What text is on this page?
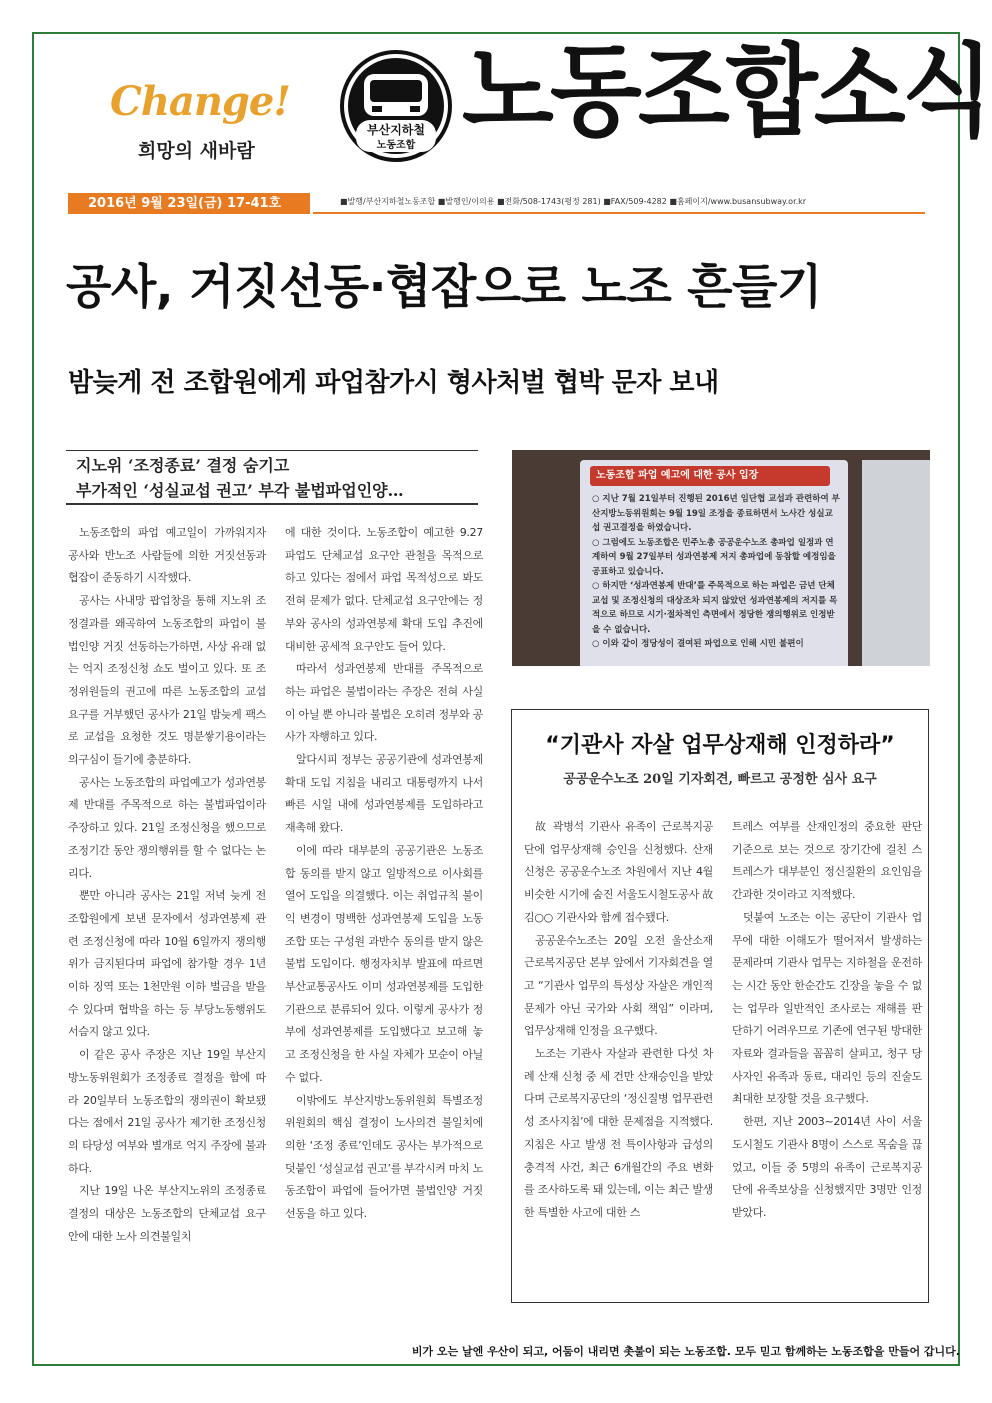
Change!
희망의 새바람
부산지하철
노동조합 노동조합소식
2016년 9월 23일(금) 17-41호	■발행/부산지하철노동조합 ■발행인/이의용 ■전화/508-1743(평정 281) ■FAX/509-4282 ■홈페이지/www.busansubway.or.kr
공사, 거짓선동·협잡으로 노조 흔들기
밤늦게 전 조합원에게 파업참가시 형사처벌 협박 문자 보내
지노위 ‘조정종료’ 결정 숨기고
부가적인 ‘성실교섭 권고’ 부각 불법파업인양…

노동조합의 파업 예고일이 가까워지자 공사와 반노조 사람들에 의한 거짓선동과 협잡이 준동하기 시작했다.

공사는 사내망 팝업창을 통해 지노위 조정결과를 왜곡하여 노동조합의 파업이 불법인양 거짓 선동하는가하면, 사상 유래 없는 억지 조정신청 쇼도 벌이고 있다. 또 조정위원들의 권고에 따른 노동조합의 교섭 요구를 거부했던 공사가 21일 밤늦게 팩스로 교섭을 요청한 것도 명분쌓기용이라는 의구심이 들기에 충분하다.

공사는 노동조합의 파업예고가 성과연봉제 반대를 주목적으로 하는 불법파업이라 주장하고 있다. 21일 조정신청을 했으므로 조정기간 동안 쟁의행위를 할 수 없다는 논리다.

뿐만 아니라 공사는 21일 저녁 늦게 전 조합원에게 보낸 문자에서 성과연봉제 관련 조정신청에 따라 10월 6일까지 쟁의행위가 금지된다며 파업에 참가할 경우 1년 이하 징역 또는 1천만원 이하 벌금을 받을 수 있다며 협박을 하는 등 부당노동행위도 서슴지 않고 있다.

이 같은 공사 주장은 지난 19일 부산지방노동위원회가 조정종료 결정을 함에 따라 20일부터 노동조합의 쟁의권이 확보됐다는 점에서 21일 공사가 제기한 조정신청의 타당성 여부와 별개로 억지 주장에 불과하다.

지난 19일 나온 부산지노위의 조정종료 결정의 대상은 노동조합의 단체교섭 요구안에 대한 노사 의견불일치

에 대한 것이다. 노동조합이 예고한 9.27 파업도 단체교섭 요구안 관철을 목적으로 하고 있다는 점에서 파업 목적성으로 봐도 전혀 문제가 없다. 단체교섭 요구안에는 정부와 공사의 성과연봉제 확대 도입 추진에 대비한 공세적 요구안도 들어 있다.

따라서 성과연봉제 반대를 주목적으로 하는 파업은 불법이라는 주장은 전혀 사실이 아닐 뿐 아니라 불법은 오히려 정부와 공사가 자행하고 있다.

알다시피 정부는 공공기관에 성과연봉제 확대 도입 지침을 내리고 대통령까지 나서 빠른 시일 내에 성과연봉제를 도입하라고 재촉해 왔다.

이에 따라 대부분의 공공기관은 노동조합 동의를 받지 않고 일방적으로 이사회를 열어 도입을 의결했다. 이는 취업규칙 불이익 변경이 명백한 성과연봉제 도입을 노동조합 또는 구성원 과반수 동의를 받지 않은 불법 도입이다. 행정자치부 발표에 따르면 부산교통공사도 이미 성과연봉제를 도입한 기관으로 분류되어 있다. 이렇게 공사가 정부에 성과연봉제를 도입했다고 보고해 놓고 조정신청을 한 사실 자체가 모순이 아닐 수 없다.

이밖에도 부산지방노동위원회 특별조정위원회의 핵심 결정이 노사의견 불일치에 의한 ‘조정 종료’인데도 공사는 부가적으로 덧붙인 ‘성실교섭 권고’를 부각시켜 마치 노동조합이 파업에 들어가면 불법인양 거짓선동을 하고 있다.

노동조합 파업 예고에 대한 공사 입장
○ 지난 7월 21일부터 진행된 2016년 임단협 교섭과 관련하여 부산지방노동위원회는 9월 19일 조정을 종료하면서 노사간 성실교섭 권고결정을 하였습니다.
○ 그럼에도 노동조합은 민주노총 공공운수노조 총파업 일정과 연계하여 9월 27일부터 성과연봉제 저지 총파업에 동참할 예정임을 공표하고 있습니다.
○ 하지만 ‘성과연봉제 반대’를 주목적으로 하는 파업은 금년 단체교섭 및 조정신청의 대상조차 되지 않았던 성과연봉제의 저지를 목적으로 하므로 시기·절차적인 측면에서 정당한 쟁의행위로 인정받을 수 없습니다.
○ 이와 같이 정당성이 결여된 파업으로 인해 시민 불편이
“기관사 자살 업무상재해 인정하라”
공공운수노조 20일 기자회견, 빠르고 공정한 심사 요구

故 곽병석 기관사 유족이 근로복지공단에 업무상재해 승인을 신청했다. 산재 신청은 공공운수노조 차원에서 지난 4월 비슷한 시기에 숨진 서울도시철도공사 故 김○○ 기관사와 함께 접수됐다.

공공운수노조는 20일 오전 울산소재 근로복지공단 본부 앞에서 기자회견을 열고 “기관사 업무의 특성상 자살은 개인적 문제가 아닌 국가와 사회 책임” 이라며, 업무상재해 인정을 요구했다.

노조는 기관사 자살과 관련한 다섯 차례 산재 신청 중 세 건만 산재승인을 받았다며 근로복지공단의 ‘정신질병 업무관련성 조사지침’에 대한 문제점을 지적했다. 지침은 사고 발생 전 특이사항과 급성의 충격적 사건, 최근 6개월간의 주요 변화를 조사하도록 돼 있는데, 이는 최근 발생한 특별한 사고에 대한 스

트레스 여부를 산재인정의 중요한 판단 기준으로 보는 것으로 장기간에 걸친 스트레스가 대부분인 정신질환의 요인임을 간과한 것이라고 지적했다.

덧붙여 노조는 이는 공단이 기관사 업무에 대한 이해도가 떨어져서 발생하는 문제라며 기관사 업무는 지하철을 운전하는 시간 동안 한순간도 긴장을 놓을 수 없는 업무라 일반적인 조사로는 재해를 판단하기 어려우므로 기존에 연구된 방대한 자료와 결과들을 꼼꼼히 살피고, 청구 당사자인 유족과 동료, 대리인 등의 진술도 최대한 보장할 것을 요구했다.

한편, 지난 2003~2014년 사이 서울도시철도 기관사 8명이 스스로 목숨을 끊었고, 이들 중 5명의 유족이 근로복지공단에 유족보상을 신청했지만 3명만 인정받았다.

비가 오는 날엔 우산이 되고, 어둠이 내리면 촛불이 되는 노동조합. 모두 믿고 함께하는 노동조합을 만들어 갑니다.
